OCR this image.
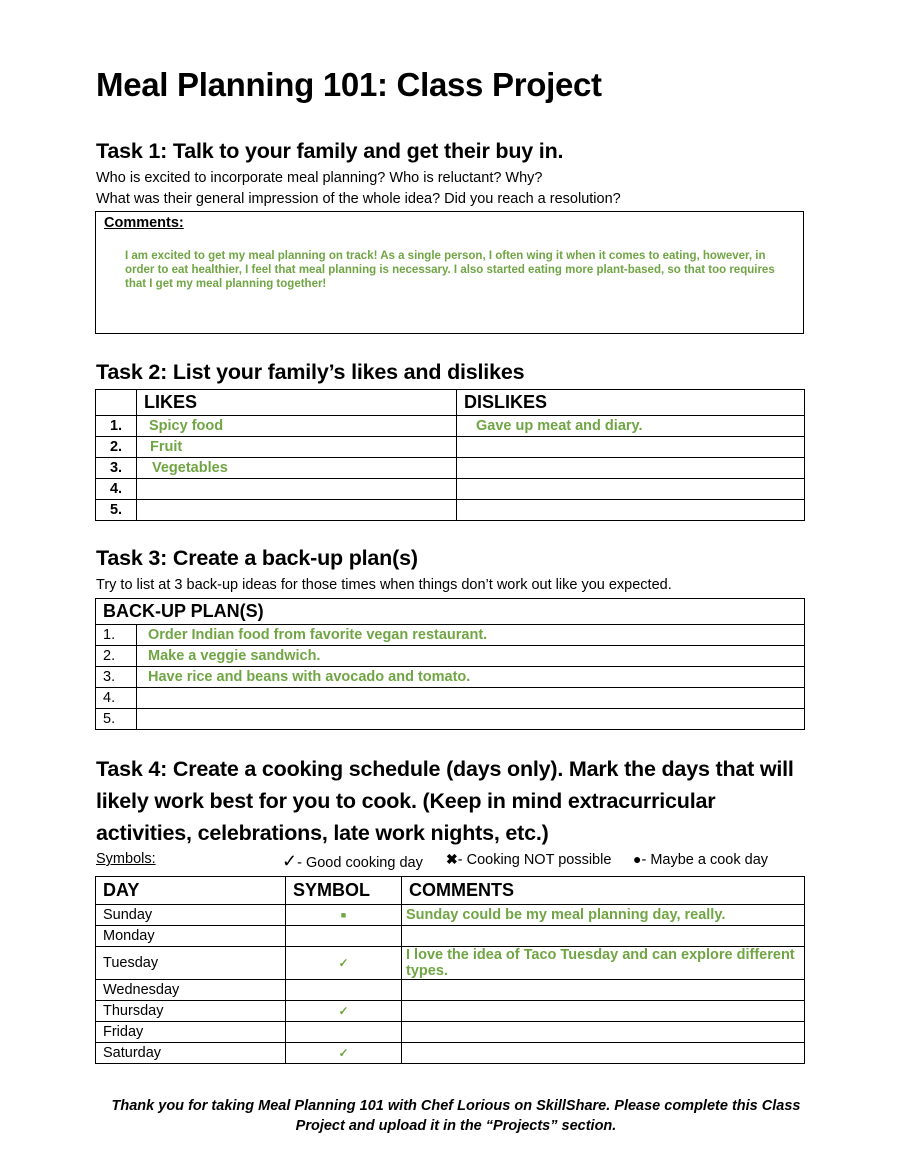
Meal Planning 101: Class Project
Task 1: Talk to your family and get their buy in.
Who is excited to incorporate meal planning? Who is reluctant? Why?
What was their general impression of the whole idea? Did you reach a resolution?
Comments:
I am excited to get my meal planning on track! As a single person, I often wing it when it comes to eating, however, in order to eat healthier, I feel that meal planning is necessary. I also started eating more plant-based, so that too requires that I get my meal planning together!
Task 2: List your family’s likes and dislikes
	LIKES	DISLIKES
1.	Spicy food	Gave up meat and diary.
2.	Fruit	
3.	Vegetables	
4.		
5.		
Task 3: Create a back-up plan(s)
Try to list at 3 back-up ideas for those times when things don’t work out like you expected.
BACK-UP PLAN(S)	
1.	Order Indian food from favorite vegan restaurant.
2.	Make a veggie sandwich.
3.	Have rice and beans with avocado and tomato.
4.	
5.	
Task 4: Create a cooking schedule (days only). Mark the days that will likely work best for you to cook. (Keep in mind extracurricular activities, celebrations, late work nights, etc.)
Symbols:	✓- Good cooking day ✖- Cooking NOT possible ●- Maybe a cook day
DAY	SYMBOL	COMMENTS
Sunday	■	Sunday could be my meal planning day, really.
Monday		
Tuesday	✓	I love the idea of Taco Tuesday and can explore different types.
Wednesday		
Thursday	✓	
Friday		
Saturday	✓	
Thank you for taking Meal Planning 101 with Chef Lorious on SkillShare. Please complete this Class Project and upload it in the “Projects” section.
